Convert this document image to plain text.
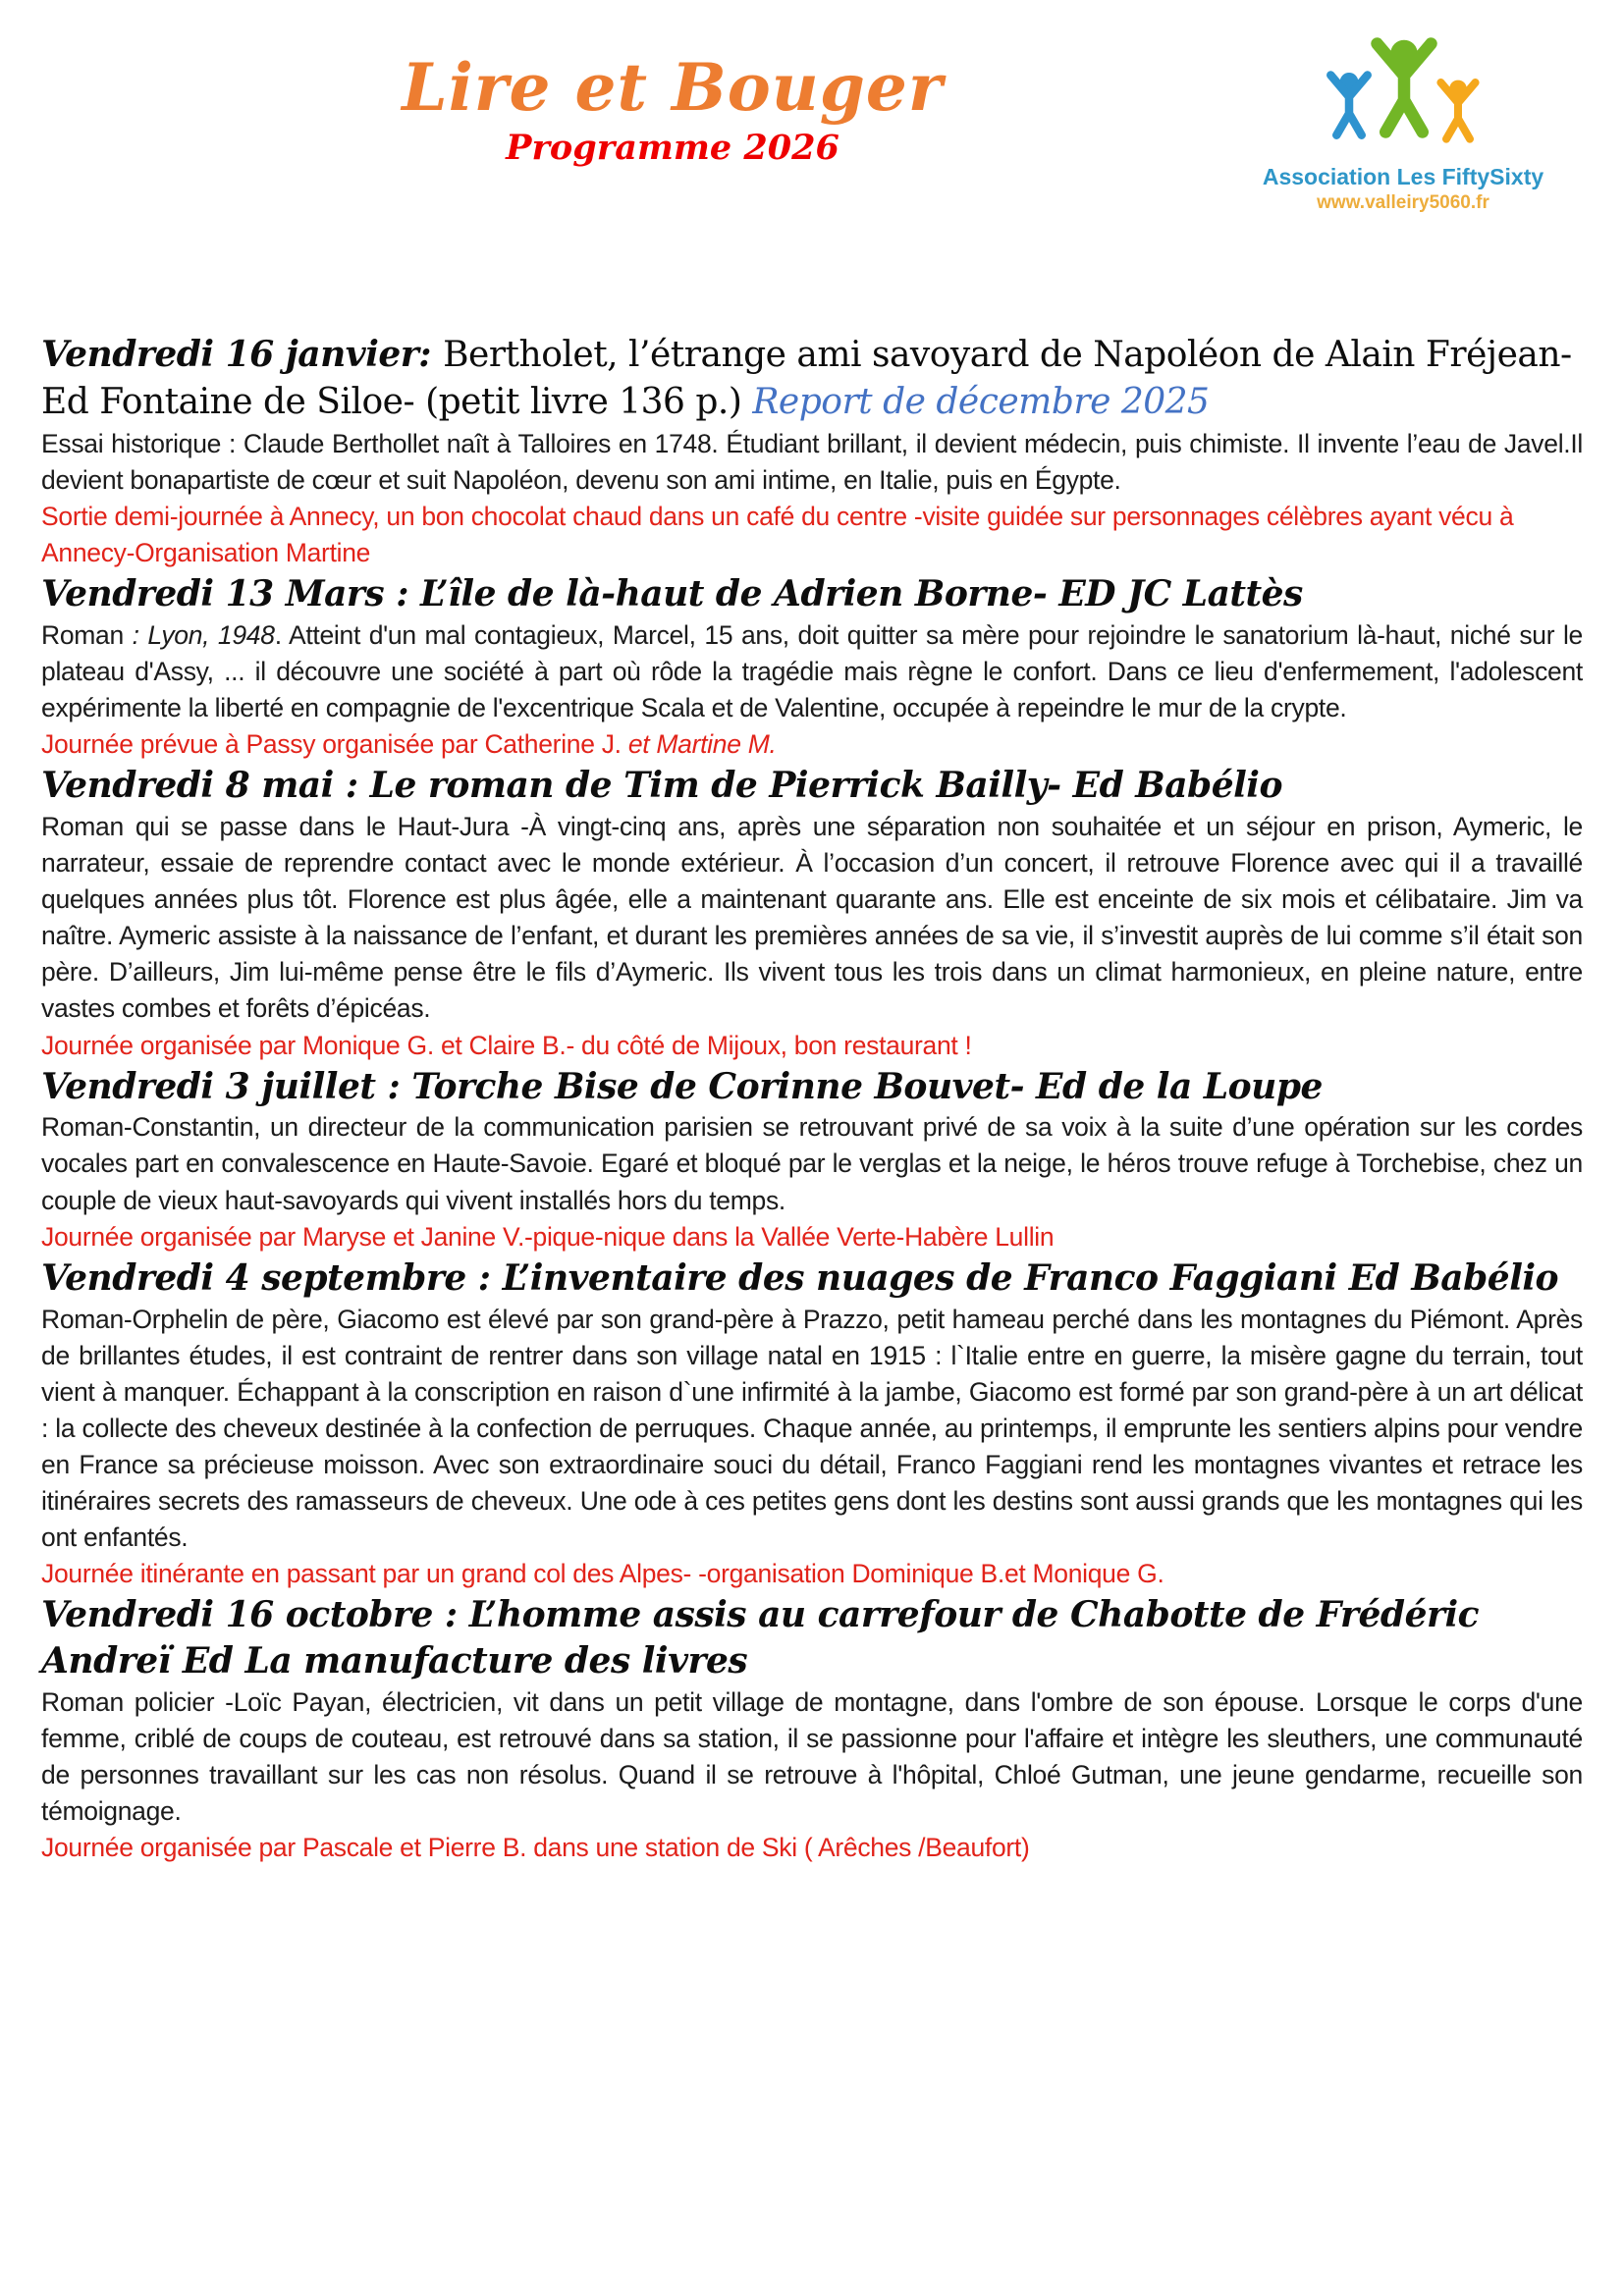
Lire et Bouger
Programme 2026
Association Les FiftySixty
www.valleiry5060.fr
Vendredi 16 janvier: Bertholet, l’étrange ami savoyard de Napoléon de Alain Fréjean-Ed Fontaine de Siloe- (petit livre 136 p.) Report de décembre 2025

Essai historique : Claude Berthollet naît à Talloires en 1748. Étudiant brillant, il devient médecin, puis chimiste. Il invente l’eau de Javel.Il devient bonapartiste de cœur et suit Napoléon, devenu son ami intime, en Italie, puis en Égypte.

Sortie demi-journée à Annecy, un bon chocolat chaud dans un café du centre -visite guidée sur personnages célèbres ayant vécu à Annecy-Organisation Martine

Vendredi 13 Mars : L’île de là-haut de Adrien Borne- ED JC Lattès

Roman : Lyon, 1948. Atteint d'un mal contagieux, Marcel, 15 ans, doit quitter sa mère pour rejoindre le sanatorium là-haut, niché sur le plateau d'Assy, ... il découvre une société à part où rôde la tragédie mais règne le confort. Dans ce lieu d'enfermement, l'adolescent expérimente la liberté en compagnie de l'excentrique Scala et de Valentine, occupée à repeindre le mur de la crypte.

Journée prévue à Passy organisée par Catherine J. et Martine M.

Vendredi 8 mai : Le roman de Tim de Pierrick Bailly- Ed Babélio

Roman qui se passe dans le Haut-Jura -À vingt-cinq ans, après une séparation non souhaitée et un séjour en prison, Aymeric, le narrateur, essaie de reprendre contact avec le monde extérieur. À l’occasion d’un concert, il retrouve Florence avec qui il a travaillé quelques années plus tôt. Florence est plus âgée, elle a maintenant quarante ans. Elle est enceinte de six mois et célibataire. Jim va naître. Aymeric assiste à la naissance de l’enfant, et durant les premières années de sa vie, il s’investit auprès de lui comme s’il était son père. D’ailleurs, Jim lui-même pense être le fils d’Aymeric. Ils vivent tous les trois dans un climat harmonieux, en pleine nature, entre vastes combes et forêts d’épicéas.

Journée organisée par Monique G. et Claire B.- du côté de Mijoux, bon restaurant !

Vendredi 3 juillet : Torche Bise de Corinne Bouvet- Ed de la Loupe

Roman-Constantin, un directeur de la communication parisien se retrouvant privé de sa voix à la suite d’une opération sur les cordes vocales part en convalescence en Haute-Savoie. Egaré et bloqué par le verglas et la neige, le héros trouve refuge à Torchebise, chez un couple de vieux haut-savoyards qui vivent installés hors du temps.

Journée organisée par Maryse et Janine V.-pique-nique dans la Vallée Verte-Habère Lullin

Vendredi 4 septembre : L’inventaire des nuages de Franco Faggiani Ed Babélio

Roman-Orphelin de père, Giacomo est élevé par son grand-père à Prazzo, petit hameau perché dans les montagnes du Piémont. Après de brillantes études, il est contraint de rentrer dans son village natal en 1915 : l`Italie entre en guerre, la misère gagne du terrain, tout vient à manquer. Échappant à la conscription en raison d`une infirmité à la jambe, Giacomo est formé par son grand-père à un art délicat : la collecte des cheveux destinée à la confection de perruques. Chaque année, au printemps, il emprunte les sentiers alpins pour vendre en France sa précieuse moisson. Avec son extraordinaire souci du détail, Franco Faggiani rend les montagnes vivantes et retrace les itinéraires secrets des ramasseurs de cheveux. Une ode à ces petites gens dont les destins sont aussi grands que les montagnes qui les ont enfantés.

Journée itinérante en passant par un grand col des Alpes- -organisation Dominique B.et Monique G.

Vendredi 16 octobre : L’homme assis au carrefour de Chabotte de Frédéric Andreï Ed La manufacture des livres

Roman policier -Loïc Payan, électricien, vit dans un petit village de montagne, dans l'ombre de son épouse. Lorsque le corps d'une femme, criblé de coups de couteau, est retrouvé dans sa station, il se passionne pour l'affaire et intègre les sleuthers, une communauté de personnes travaillant sur les cas non résolus. Quand il se retrouve à l'hôpital, Chloé Gutman, une jeune gendarme, recueille son témoignage.

Journée organisée par Pascale et Pierre B. dans une station de Ski ( Arêches /Beaufort)
